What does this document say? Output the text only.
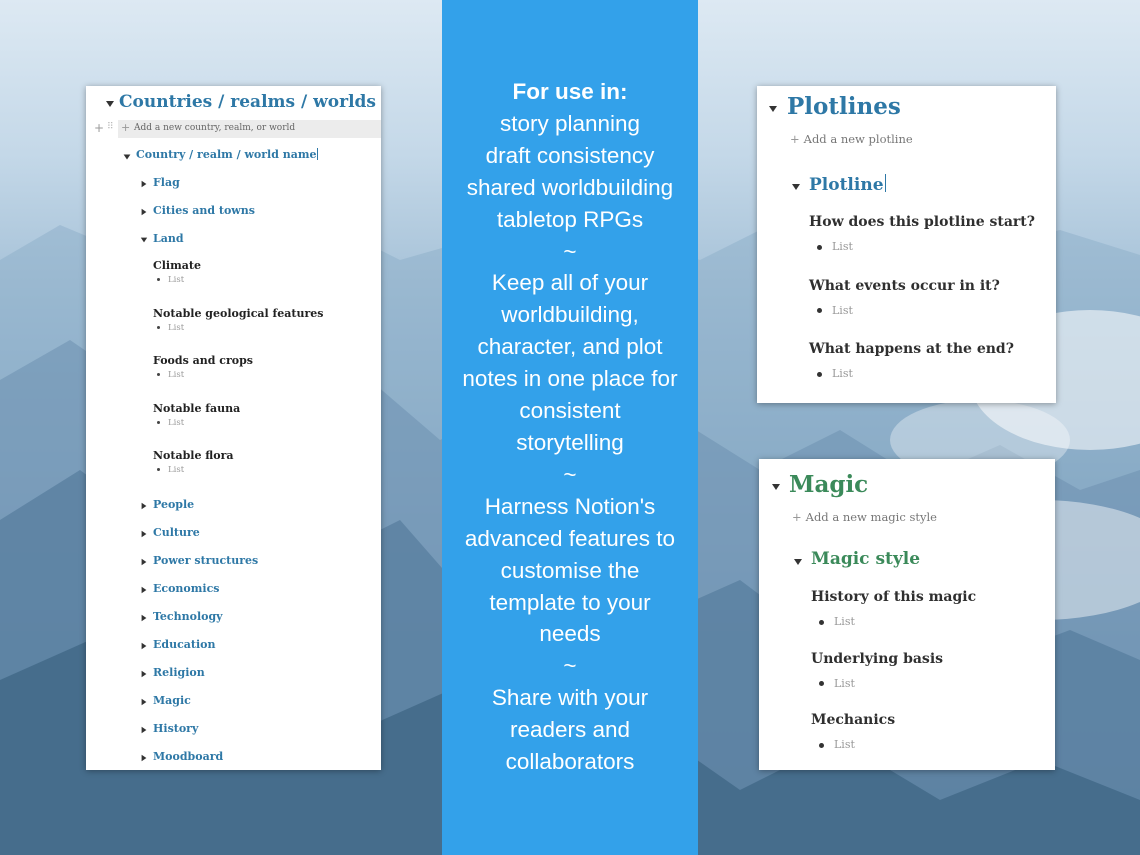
For use in:
story planning
draft consistency
shared worldbuilding
tabletop RPGs
~
Keep all of your
worldbuilding,
character, and plot
notes in one place for
consistent
storytelling
~
Harness Notion's
advanced features to
customise the
template to your
needs
~
Share with your
readers and
collaborators
Countries / realms / worlds
+ ⠿ + Add a new country, realm, or world
Country / realm / world name
Flag
Cities and towns
Land
Climate
List
Notable geological features
List
Foods and crops
List
Notable fauna
List
Notable flora
List
People
Culture
Power structures
Economics
Technology
Education
Religion
Magic
History
Moodboard
Plotlines
+ Add a new plotline
Plotline
How does this plotline start?
List
What events occur in it?
List
What happens at the end?
List
Magic
+ Add a new magic style
Magic style
History of this magic
List
Underlying basis
List
Mechanics
List
